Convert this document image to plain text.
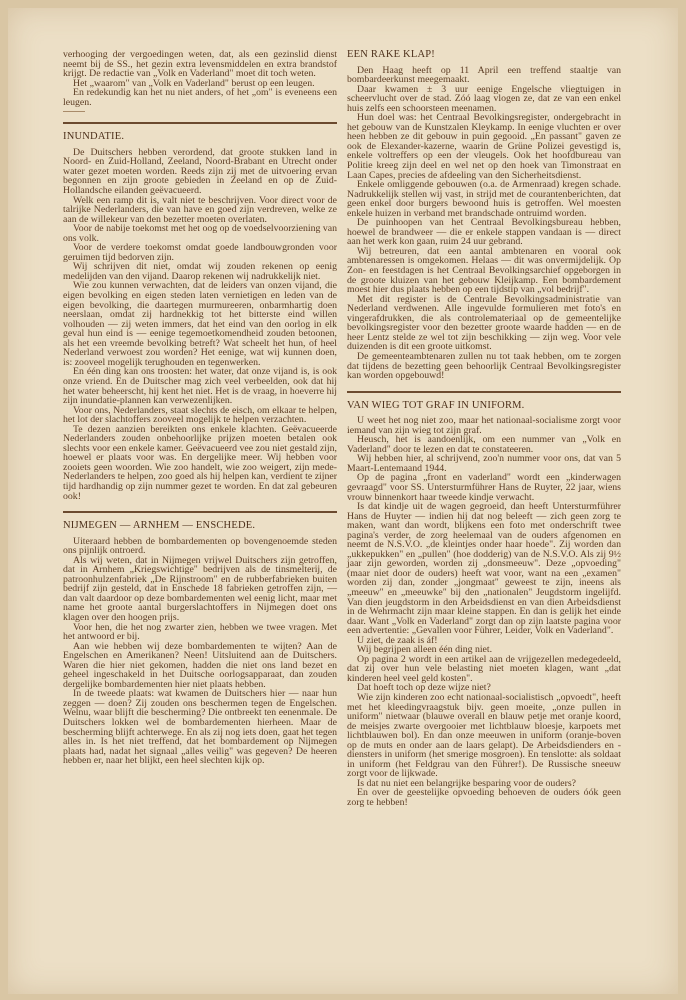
verhooging der vergoedingen weten, dat, als een gezinslid dienst neemt bij de SS., het gezin extra levensmiddelen en extra brandstof krijgt. De redactie van „Volk en Vaderland" moet dit toch weten.

Het „waarom" van „Volk en Vaderland" berust op een leugen.

En redekundig kan het nu niet anders, of het „om" is eveneens een leugen.

INUNDATIE.

De Duitschers hebben verordend, dat groote stukken land in Noord- en Zuid-Holland, Zeeland, Noord-Brabant en Utrecht onder water gezet moeten worden. Reeds zijn zij met de uitvoering ervan begonnen en zijn groote gebieden in Zeeland en op de Zuid-Hollandsche eilanden geëvacueerd.

Welk een ramp dit is, valt niet te beschrijven. Voor direct voor de talrijke Nederlanders, die van have en goed zijn verdreven, welke ze aan de willekeur van den bezetter moeten overlaten.

Voor de nabije toekomst met het oog op de voedselvoorziening van ons volk.

Voor de verdere toekomst omdat goede landbouwgronden voor geruimen tijd bedorven zijn.

Wij schrijven dit niet, omdat wij zouden rekenen op eenig medelijden van den vijand. Daarop rekenen wij nadrukkelijk niet.

Wie zou kunnen verwachten, dat de leiders van onzen vijand, die eigen bevolking en eigen steden laten vernietigen en leden van de eigen bevolking, die daartegen murmureeren, onbarmhartig doen neerslaan, omdat zij hardnekkig tot het bitterste eind willen volhouden — zij weten immers, dat het eind van den oorlog in elk geval hun eind is — eenige tegemoetkomendheid zouden betoonen, als het een vreemde bevolking betreft? Wat scheelt het hun, of heel Nederland verwoest zou worden? Het eenige, wat wij kunnen doen, is: zooveel mogelijk terughouden en tegenwerken.

En één ding kan ons troosten: het water, dat onze vijand is, is ook onze vriend. En de Duitscher mag zich veel verbeelden, ook dat hij het water beheerscht, hij kent het niet. Het is de vraag, in hoeverre hij zijn inundatie-plannen kan verwezenlijken.

Voor ons, Nederlanders, staat slechts de eisch, om elkaar te helpen, het lot der slachtoffers zooveel mogelijk te helpen verzachten.

Te dezen aanzien bereikten ons enkele klachten. Geëvacueerde Nederlanders zouden onbehoorlijke prijzen moeten betalen ook slechts voor een enkele kamer. Geëvacueerd vee zou niet gestald zijn, hoewel er plaats voor was. En dergelijke meer. Wij hebben voor zooiets geen woorden. Wie zoo handelt, wie zoo weigert, zijn mede-Nederlanders te helpen, zoo goed als hij helpen kan, verdient te zijner tijd hardhandig op zijn nummer gezet te worden. En dat zal gebeuren ook!

NIJMEGEN — ARNHEM — ENSCHEDE.

Uiteraard hebben de bombardementen op bovengenoemde steden ons pijnlijk ontroerd.

Als wij weten, dat in Nijmegen vrijwel Duitschers zijn getroffen, dat in Arnhem „Kriegswichtige" bedrijven als de tinsmelterij, de patroonhulzenfabriek „De Rijnstroom" en de rubberfabrieken buiten bedrijf zijn gesteld, dat in Enschede 18 fabrieken getroffen zijn, — dan valt daardoor op deze bombardementen wel eenig licht, maar met name het groote aantal burgerslachtoffers in Nijmegen doet ons klagen over den hoogen prijs.

Voor hen, die het nog zwarter zien, hebben we twee vragen. Met het antwoord er bij.

Aan wie hebben wij deze bombardementen te wijten? Aan de Engelschen en Amerikanen? Neen! Uitsluitend aan de Duitschers. Waren die hier niet gekomen, hadden die niet ons land bezet en geheel ingeschakeld in het Duitsche oorlogsapparaat, dan zouden dergelijke bombardementen hier niet plaats hebben.

In de tweede plaats: wat kwamen de Duitschers hier — naar hun zeggen — doen? Zij zouden ons beschermen tegen de Engelschen. Welnu, waar blijft die bescherming? Die ontbreekt ten eenenmale. De Duitschers lokken wel de bombardementen hierheen. Maar de bescherming blijft achterwege. En als zij nog iets doen, gaat het tegen alles in. Is het niet treffend, dat het bombardement op Nijmegen plaats had, nadat het signaal „alles veilig" was gegeven? De heeren hebben er, naar het blijkt, een heel slechten kijk op.

EEN RAKE KLAP!

Den Haag heeft op 11 April een treffend staaltje van bombardeerkunst meegemaakt.

Daar kwamen ± 3 uur eenige Engelsche vliegtuigen in scheervlucht over de stad. Zóó laag vlogen ze, dat ze van een enkel huis zelfs een schoorsteen meenamen.

Hun doel was: het Centraal Bevolkingsregister, ondergebracht in het gebouw van de Kunstzalen Kleykamp. In eenige vluchten er over heen hebben ze dit gebouw in puin gegooid. „En passant" gaven ze ook de Elexander-kazerne, waarin de Grüne Polizei gevestigd is, enkele voltreffers op een der vleugels. Ook het hoofdbureau van Politie kreeg zijn deel en wel net op den hoek van Timonstraat en Laan Capes, precies de afdeeling van den Sicherheitsdienst.

Enkele omliggende gebouwen (o.a. de Armenraad) kregen schade. Nadrukkelijk stellen wij vast, in strijd met de courantenberichten, dat geen enkel door burgers bewoond huis is getroffen. Wel moesten enkele huizen in verband met brandschade ontruimd worden.

De puinhoopen van het Centraal Bevolkingsbureau hebben, hoewel de brandweer — die er enkele stappen vandaan is — direct aan het werk kon gaan, ruim 24 uur gebrand.

Wij betreuren, dat een aantal ambtenaren en vooral ook ambtenaressen is omgekomen. Helaas — dit was onvermijdelijk. Op Zon- en feestdagen is het Centraal Bevolkingsarchief opgeborgen in de groote kluizen van het gebouw Kleijkamp. Een bombardement moest hier dus plaats hebben op een tijdstip van „vol bedrijf".

Met dit register is de Centrale Bevolkingsadministratie van Nederland verdwenen. Alle ingevulde formulieren met foto's en vingerafdrukken, die als controlemateriaal op de gemeentelijke bevolkingsregister voor den bezetter groote waarde hadden — en de heer Lentz stelde ze wel tot zijn beschikking — zijn weg. Voor vele duizenden is dit een groote uitkomst.

De gemeenteambtenaren zullen nu tot taak hebben, om te zorgen dat tijdens de bezetting geen behoorlijk Centraal Bevolkingsregister kan worden opgebouwd!

VAN WIEG TOT GRAF IN UNIFORM.

U weet het nog niet zoo, maar het nationaal-socialisme zorgt voor iemand van zijn wieg tot zijn graf.

Heusch, het is aandoenlijk, om een nummer van „Volk en Vaderland" door te lezen en dat te constateeren.

Wij hebben hier, al schrijvend, zoo'n nummer voor ons, dat van 5 Maart-Lentemaand 1944.

Op de pagina „front en vaderland" wordt een „kinderwagen gevraagd" voor SS. Untersturmführer Hans de Ruyter, 22 jaar, wiens vrouw binnenkort haar tweede kindje verwacht.

Is dat kindje uit de wagen gegroeid, dan heeft Untersturmführer Hans de Huyter — indien hij dat nog beleeft — zich geen zorg te maken, want dan wordt, blijkens een foto met onderschrift twee pagina's verder, de zorg heelemaal van de ouders afgenomen en neemt de N.S.V.O. „de kleintjes onder haar hoede". Zij worden dan „ukkepukken" en „pullen" (hoe dodderig) van de N.S.V.O. Als zij 9½ jaar zijn geworden, worden zij „donsmeeuw". Deze „opvoeding" (maar niet door de ouders) heeft wat voor, want na een „examen" worden zij dan, zonder „jongmaat" geweest te zijn, ineens als „meeuw" en „meeuwke" bij den „nationalen" Jeugdstorm ingelijfd. Van dien jeugdstorm in den Arbeidsdienst en van dien Arbeidsdienst in de Wehrmacht zijn maar kleine stappen. En dan is gelijk het einde daar. Want „Volk en Vaderland" zorgt dan op zijn laatste pagina voor een advertentie: „Gevallen voor Führer, Leider, Volk en Vaderland".

U ziet, de zaak is áf!

Wij begrijpen alleen één ding niet.

Op pagina 2 wordt in een artikel aan de vrijgezellen medegedeeld, dat zij over hun vele belasting niet moeten klagen, want „dat kinderen heel veel geld kosten".

Dat hoeft toch op deze wijze niet?

Wie zijn kinderen zoo echt nationaal-socialistisch „opvoedt", heeft met het kleedingvraagstuk bijv. geen moeite, „onze pullen in uniform" nietwaar (blauwe overall en blauw petje met oranje koord, de meisjes zwarte overgooier met lichtblauw bloesje, karpoets met lichtblauwen bol). En dan onze meeuwen in uniform (oranje-boven op de muts en onder aan de laars gelapt). De Arbeidsdienders en -diensters in uniform (het smerige mosgroen). En tenslotte: als soldaat in uniform (het Feldgrau van den Führer!). De Russische sneeuw zorgt voor de lijkwade.

Is dat nu niet een belangrijke besparing voor de ouders?

En over de geestelijke opvoeding behoeven de ouders óók geen zorg te hebben!
